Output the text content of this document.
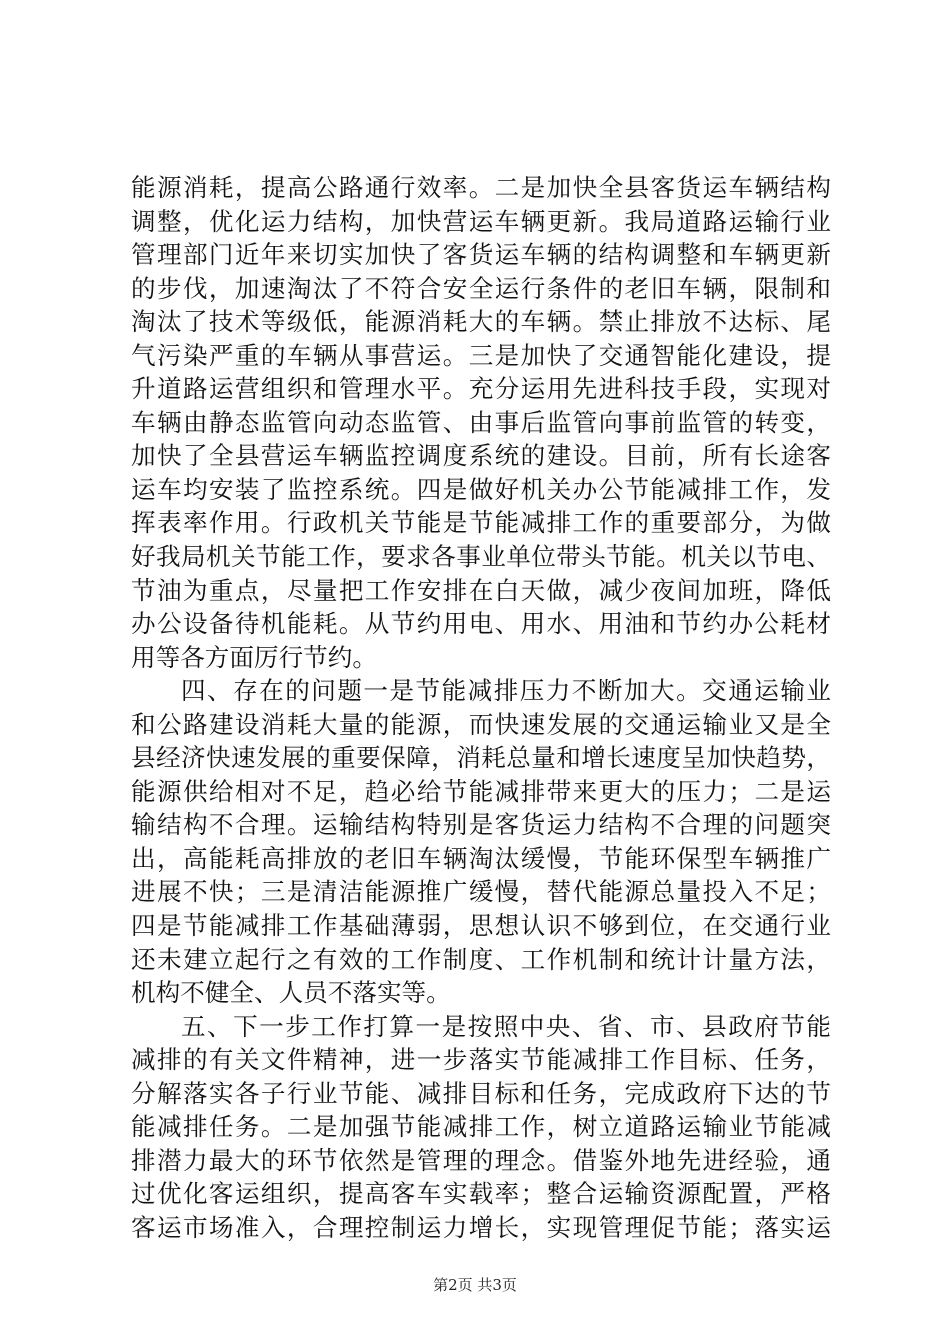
能源消耗，提高公路通行效率。二是加快全县客货运车辆结构
调整，优化运力结构，加快营运车辆更新。我局道路运输行业
管理部门近年来切实加快了客货运车辆的结构调整和车辆更新
的步伐，加速淘汰了不符合安全运行条件的老旧车辆，限制和
淘汰了技术等级低，能源消耗大的车辆。禁止排放不达标、尾
气污染严重的车辆从事营运。三是加快了交通智能化建设，提
升道路运营组织和管理水平。充分运用先进科技手段，实现对
车辆由静态监管向动态监管、由事后监管向事前监管的转变，
加快了全县营运车辆监控调度系统的建设。目前，所有长途客
运车均安装了监控系统。四是做好机关办公节能减排工作，发
挥表率作用。行政机关节能是节能减排工作的重要部分，为做
好我局机关节能工作，要求各事业单位带头节能。机关以节电、
节油为重点，尽量把工作安排在白天做，减少夜间加班，降低
办公设备待机能耗。从节约用电、用水、用油和节约办公耗材
用等各方面厉行节约。
四、存在的问题一是节能减排压力不断加大。交通运输业
和公路建设消耗大量的能源，而快速发展的交通运输业又是全
县经济快速发展的重要保障，消耗总量和增长速度呈加快趋势，
能源供给相对不足，趋必给节能减排带来更大的压力；二是运
输结构不合理。运输结构特别是客货运力结构不合理的问题突
出，高能耗高排放的老旧车辆淘汰缓慢，节能环保型车辆推广
进展不快；三是清洁能源推广缓慢，替代能源总量投入不足；
四是节能减排工作基础薄弱，思想认识不够到位，在交通行业
还未建立起行之有效的工作制度、工作机制和统计计量方法，
机构不健全、人员不落实等。
五、下一步工作打算一是按照中央、省、市、县政府节能
减排的有关文件精神，进一步落实节能减排工作目标、任务，
分解落实各子行业节能、减排目标和任务，完成政府下达的节
能减排任务。二是加强节能减排工作，树立道路运输业节能减
排潜力最大的环节依然是管理的理念。借鉴外地先进经验，通
过优化客运组织，提高客车实载率；整合运输资源配置，严格
客运市场准入，合理控制运力增长，实现管理促节能；落实运
第2页 共3页
